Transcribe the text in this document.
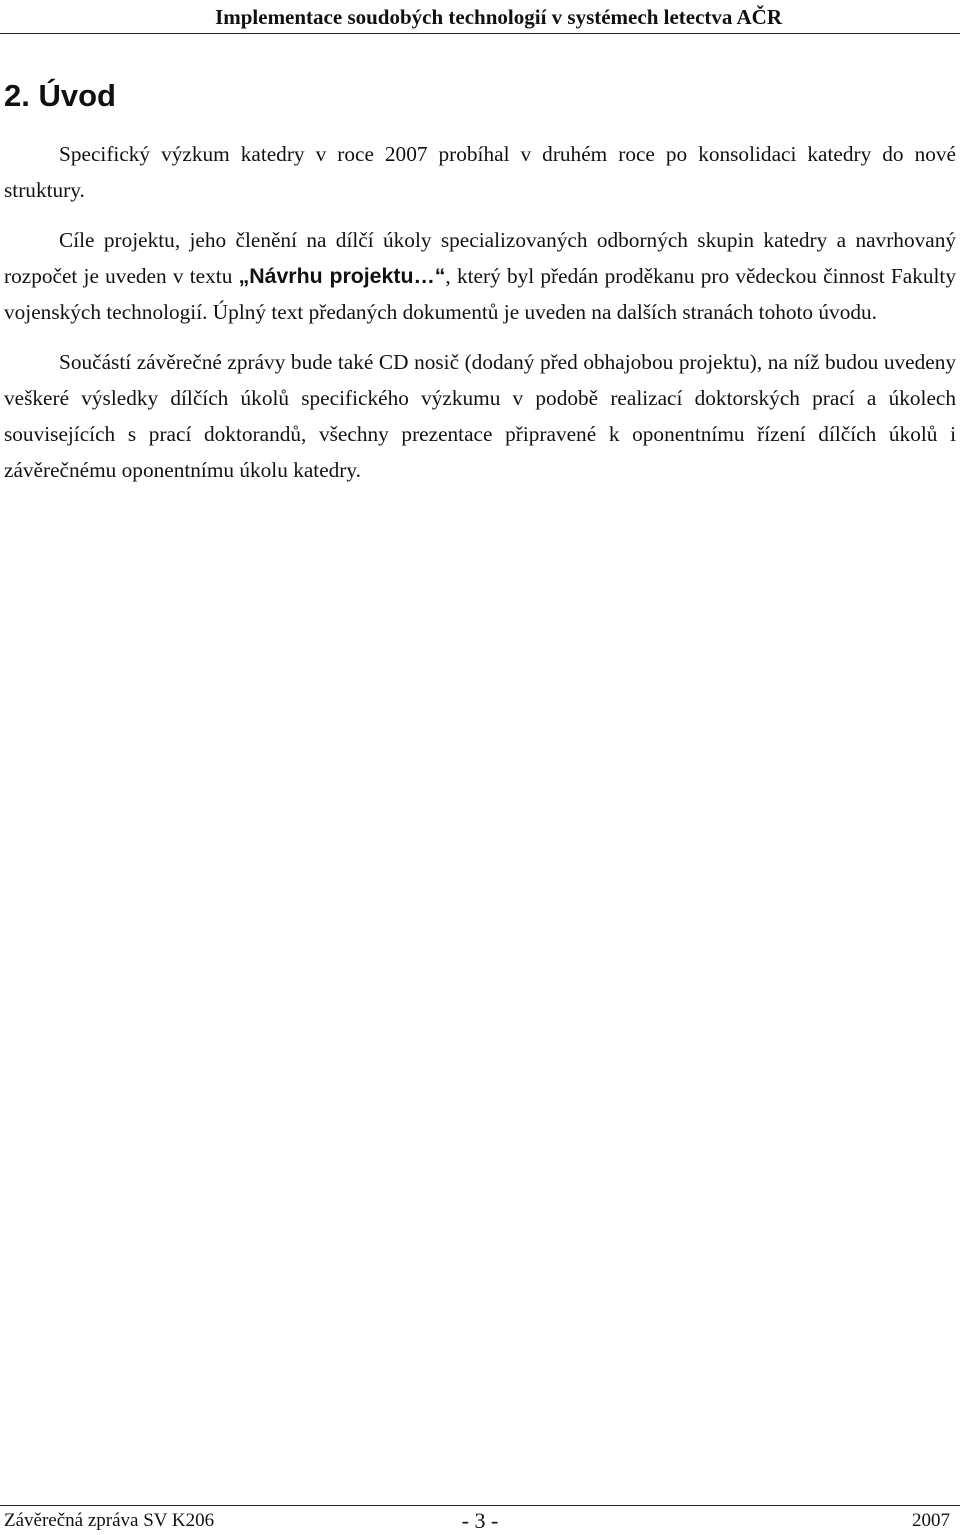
Implementace soudobých technologií v systémech letectva AČR
2. Úvod

Specifický výzkum katedry v roce 2007 probíhal v druhém roce po konsolidaci katedry do nové struktury.

Cíle projektu, jeho členění na dílčí úkoly specializovaných odborných skupin katedry a navrhovaný rozpočet je uveden v textu „Návrhu projektu…“, který byl předán proděkanu pro vědeckou činnost Fakulty vojenských technologií. Úplný text předaných dokumentů je uveden na dalších stranách tohoto úvodu.

Součástí závěrečné zprávy bude také CD nosič (dodaný před obhajobou projektu), na níž budou uvedeny veškeré výsledky dílčích úkolů specifického výzkumu v podobě realizací doktorských prací a úkolech souvisejících s prací doktorandů, všechny prezentace připravené k oponentnímu řízení dílčích úkolů i závěrečnému oponentnímu úkolu katedry.

Závěrečná zpráva SV K206	- 3 -	2007
